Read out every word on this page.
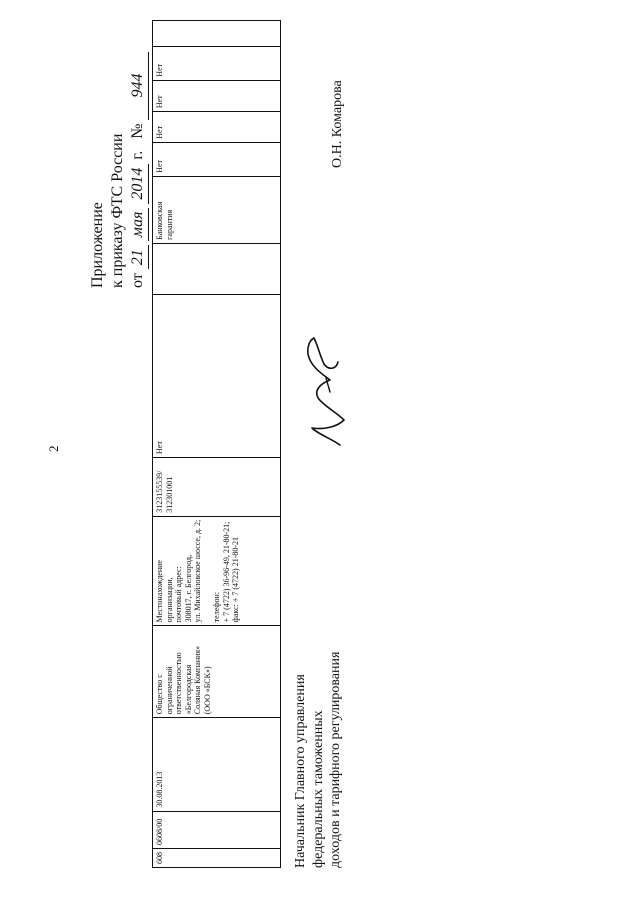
2
Приложение к приказу ФТС России от 21 мая 2014 г.   № 944
608	0608/00	30.08.2013	Общество с
ограниченной
ответственностью
«Белгородская
Соляная Компания»
(ООО «БСК»)	Местонахождение организации,
почтовый адрес:
308017, г. Белгород,
ул. Михайловское шоссе, д. 2;

телефон:
+ 7 (4722) 36-96-49, 21-80-21;
факс: + 7 (4722) 21-80-21	3123155539/
312301001	Нет		Банковская
гарантия	Нет	Нет	Нет	Нет	
Начальник Главного управления
федеральных таможенных
доходов и тарифного регулирования
О.Н. Комарова
